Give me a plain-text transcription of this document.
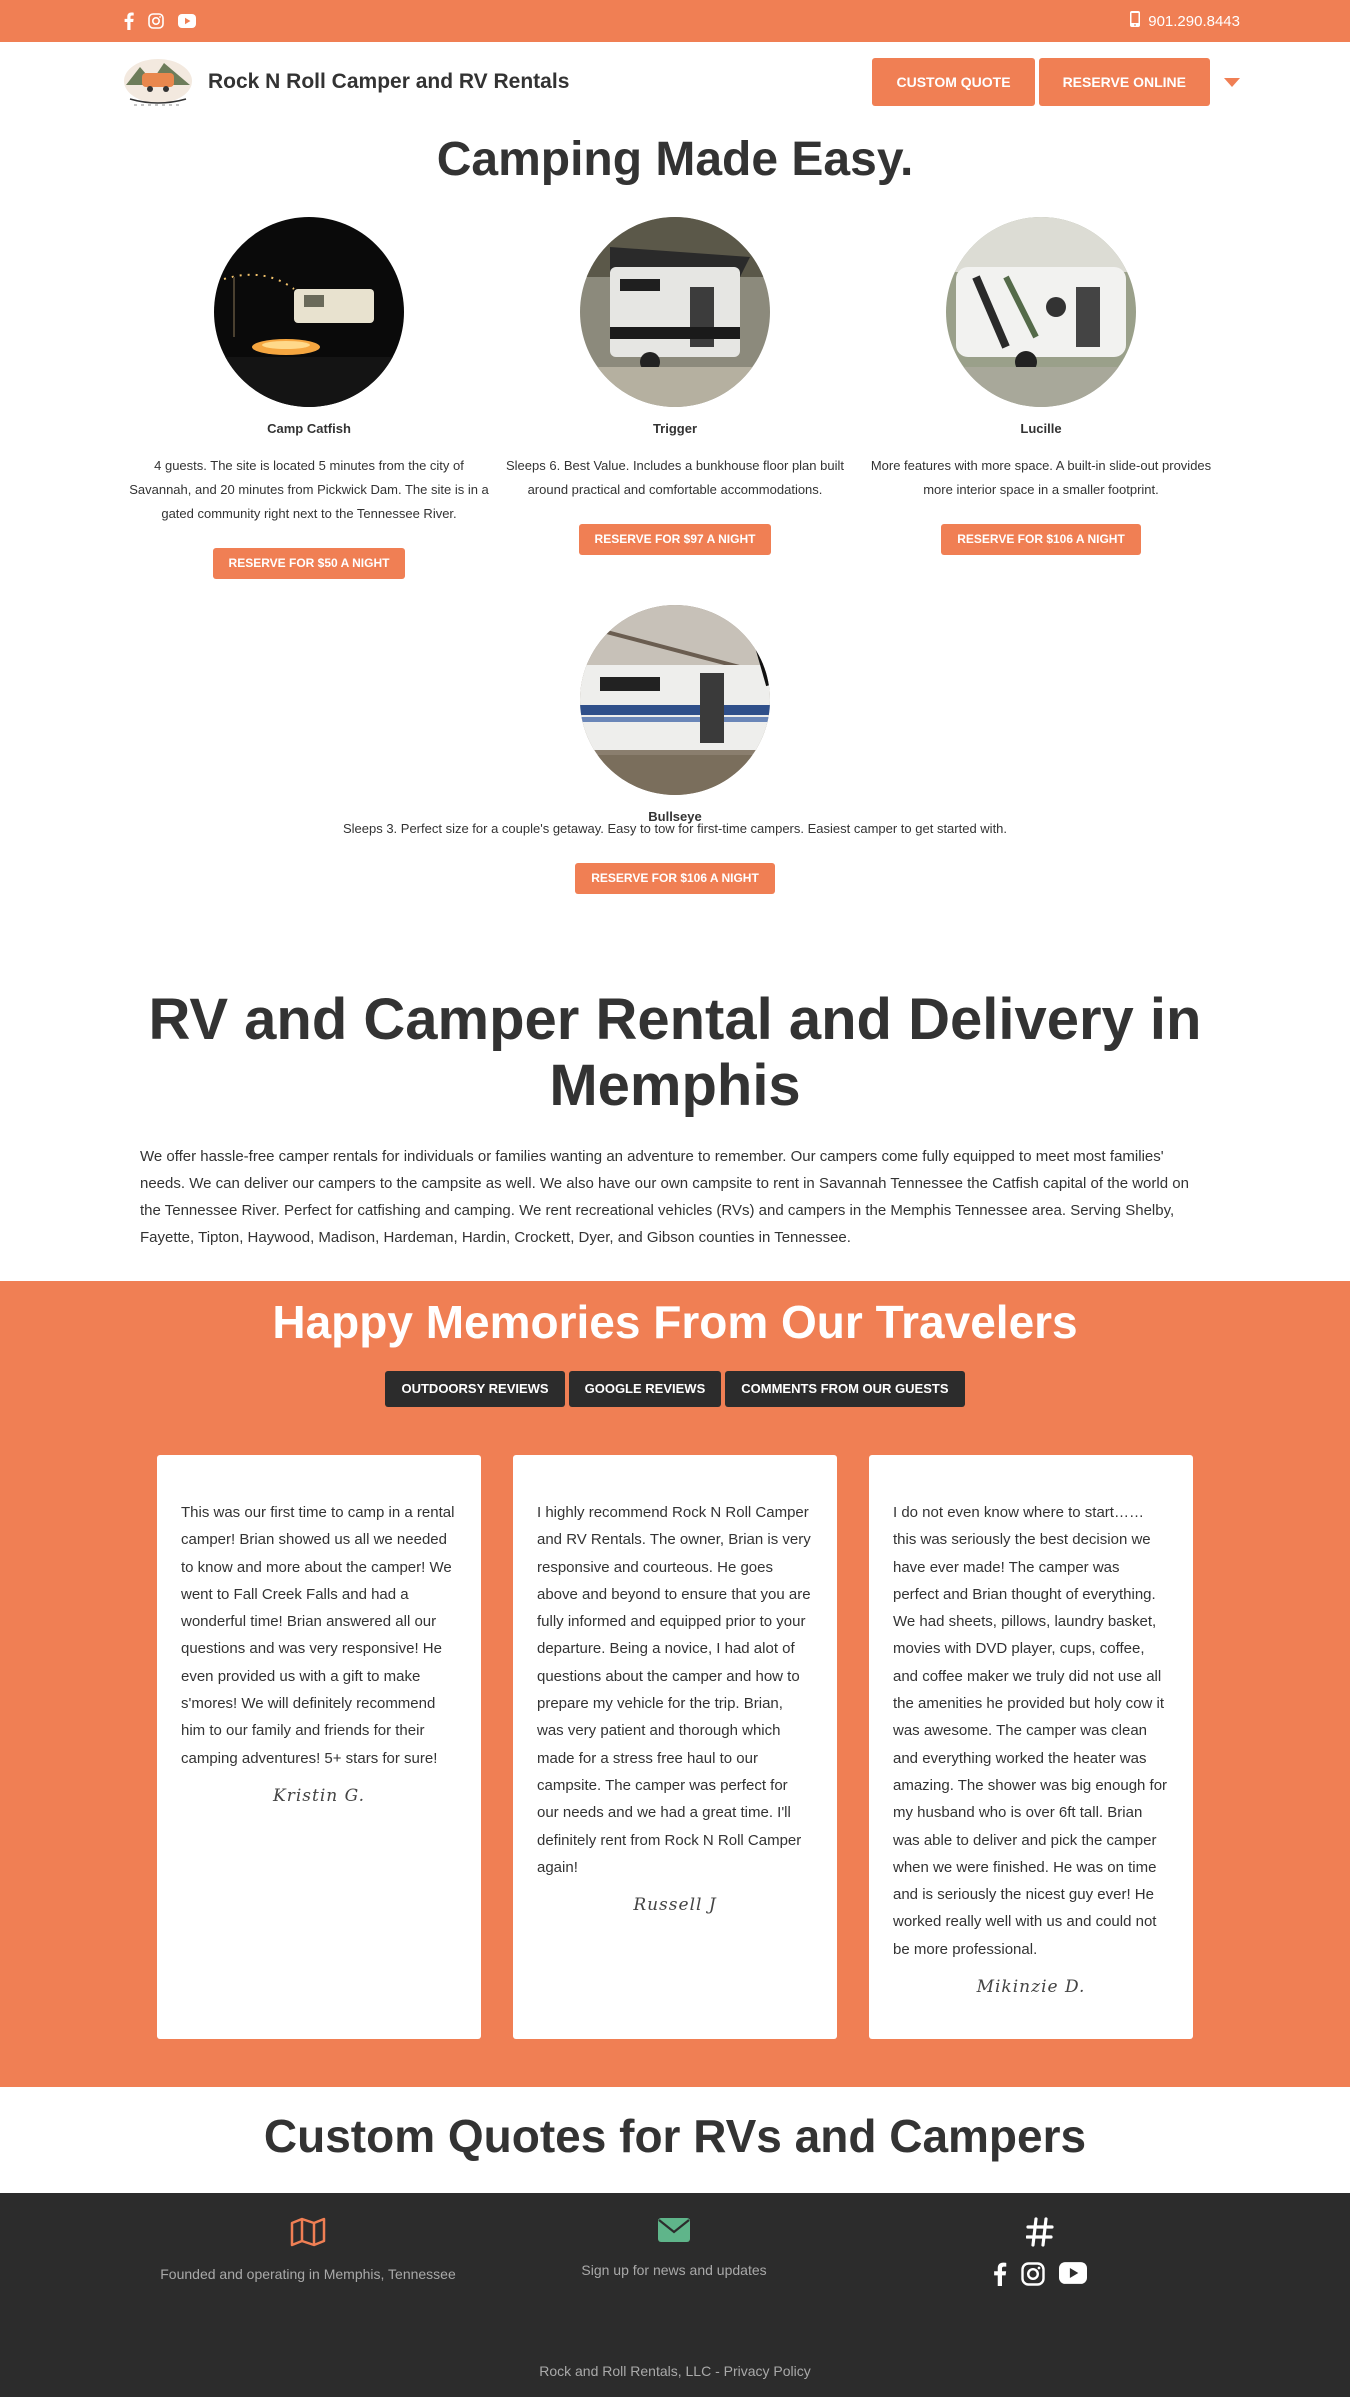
901.290.8443
Rock N Roll Camper and RV Rentals	CUSTOM QUOTE	RESERVE ONLINE
Camping Made Easy.
Camp Catfish
4 guests. The site is located 5 minutes from the city of Savannah, and 20 minutes from Pickwick Dam. The site is in a gated community right next to the Tennessee River.
RESERVE FOR $50 A NIGHT
Trigger
Sleeps 6. Best Value. Includes a bunkhouse floor plan built around practical and comfortable accommodations.
RESERVE FOR $97 A NIGHT
Lucille
More features with more space. A built-in slide-out provides more interior space in a smaller footprint.
RESERVE FOR $106 A NIGHT
Bullseye
Sleeps 3. Perfect size for a couple's getaway. Easy to tow for first-time campers. Easiest camper to get started with.
RESERVE FOR $106 A NIGHT
RV and Camper Rental and Delivery in Memphis

We offer hassle-free camper rentals for individuals or families wanting an adventure to remember. Our campers come fully equipped to meet most families' needs. We can deliver our campers to the campsite as well. We also have our own campsite to rent in Savannah Tennessee the Catfish capital of the world on the Tennessee River. Perfect for catfishing and camping. We rent recreational vehicles (RVs) and campers in the Memphis Tennessee area. Serving Shelby, Fayette, Tipton, Haywood, Madison, Hardeman, Hardin, Crockett, Dyer, and Gibson counties in Tennessee.

Happy Memories From Our Travelers
OUTDOORSY REVIEWS	GOOGLE REVIEWS	COMMENTS FROM OUR GUESTS

This was our first time to camp in a rental camper! Brian showed us all we needed to know and more about the camper! We went to Fall Creek Falls and had a wonderful time! Brian answered all our questions and was very responsive! He even provided us with a gift to make s'mores! We will definitely recommend him to our family and friends for their camping adventures! 5+ stars for sure!

Kristin G.

I highly recommend Rock N Roll Camper and RV Rentals. The owner, Brian is very responsive and courteous. He goes above and beyond to ensure that you are fully informed and equipped prior to your departure. Being a novice, I had alot of questions about the camper and how to prepare my vehicle for the trip. Brian, was very patient and thorough which made for a stress free haul to our campsite. The camper was perfect for our needs and we had a great time. I'll definitely rent from Rock N Roll Camper again!

Russell J

I do not even know where to start…… this was seriously the best decision we have ever made! The camper was perfect and Brian thought of everything. We had sheets, pillows, laundry basket, movies with DVD player, cups, coffee, and coffee maker we truly did not use all the amenities he provided but holy cow it was awesome. The camper was clean and everything worked the heater was amazing. The shower was big enough for my husband who is over 6ft tall. Brian was able to deliver and pick the camper when we were finished. He was on time and is seriously the nicest guy ever! He worked really well with us and could not be more professional.

Mikinzie D.
Custom Quotes for RVs and Campers
Founded and operating in Memphis, Tennessee	Sign up for news and updates
Rock and Roll Rentals, LLC - Privacy Policy
